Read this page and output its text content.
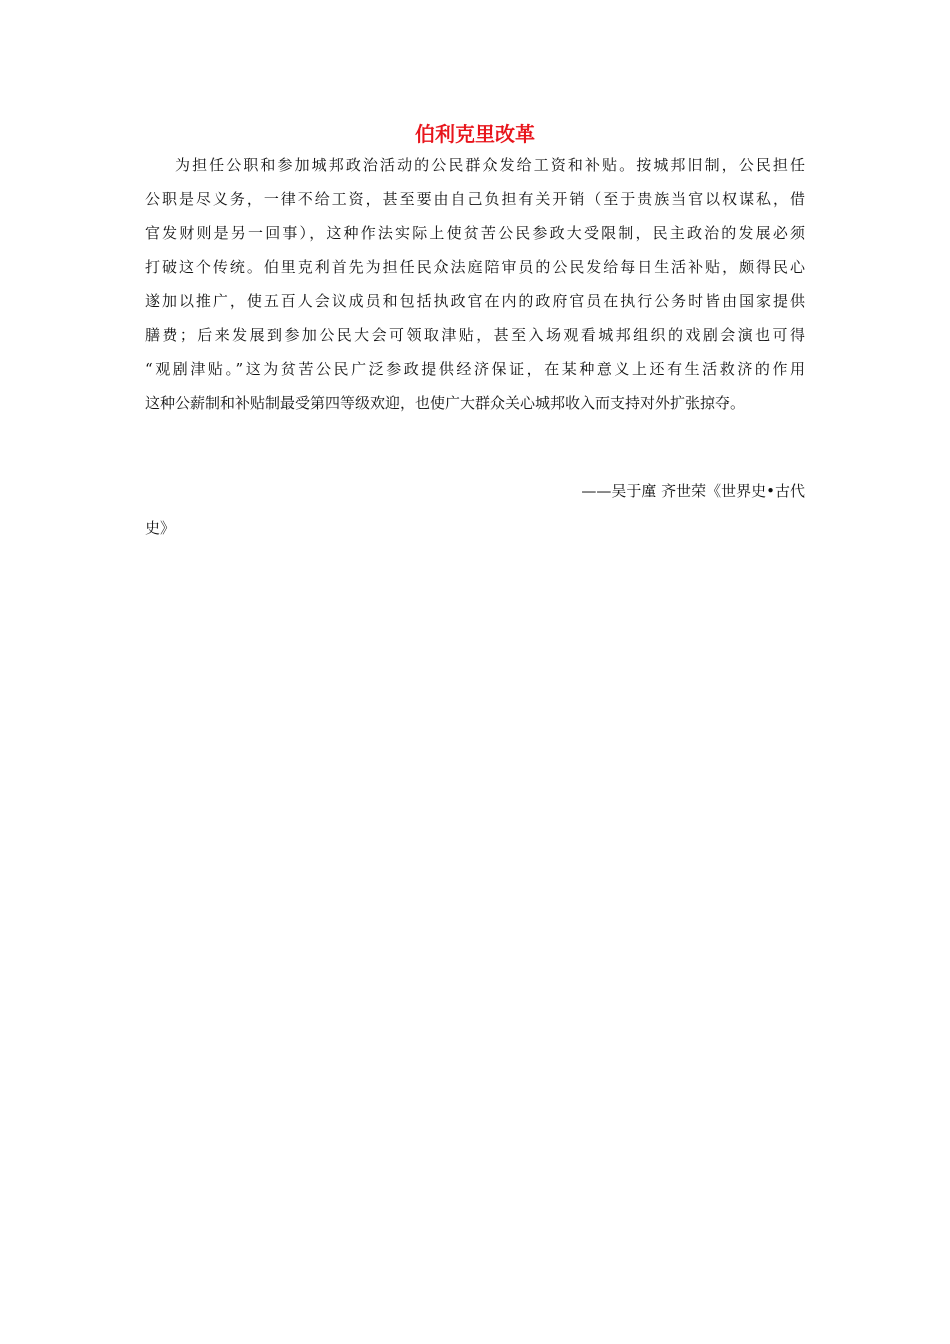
伯利克里改革
为担任公职和参加城邦政治活动的公民群众发给工资和补贴。按城邦旧制，公民担任
公职是尽义务，一律不给工资，甚至要由自己负担有关开销（至于贵族当官以权谋私，借
官发财则是另一回事），这种作法实际上使贫苦公民参政大受限制，民主政治的发展必须
打破这个传统。伯里克利首先为担任民众法庭陪审员的公民发给每日生活补贴，颇得民心
遂加以推广，使五百人会议成员和包括执政官在内的政府官员在执行公务时皆由国家提供
膳费；后来发展到参加公民大会可领取津贴，甚至入场观看城邦组织的戏剧会演也可得
“观剧津贴。”这为贫苦公民广泛参政提供经济保证，在某种意义上还有生活救济的作用
这种公薪制和补贴制最受第四等级欢迎，也使广大群众关心城邦收入而支持对外扩张掠夺。
——吴于廑 齐世荣《世界史•古代
史》
